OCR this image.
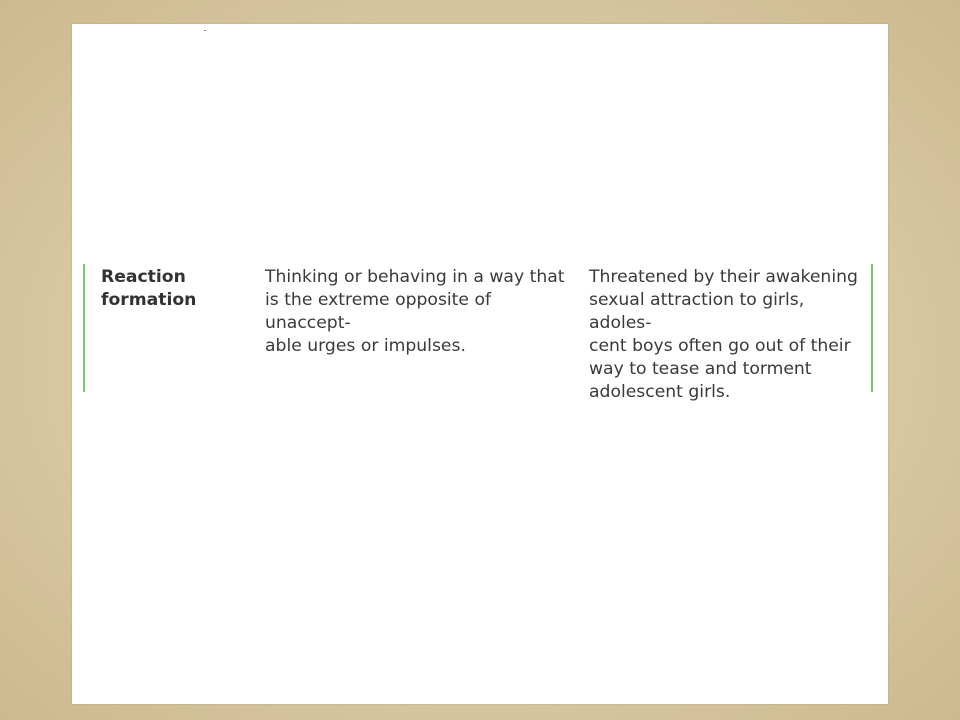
Reaction
formation
Thinking or behaving in a way that
is the extreme opposite of unaccept-
able urges or impulses.
Threatened by their awakening
sexual attraction to girls, adoles-
cent boys often go out of their
way to tease and torment
adolescent girls.
